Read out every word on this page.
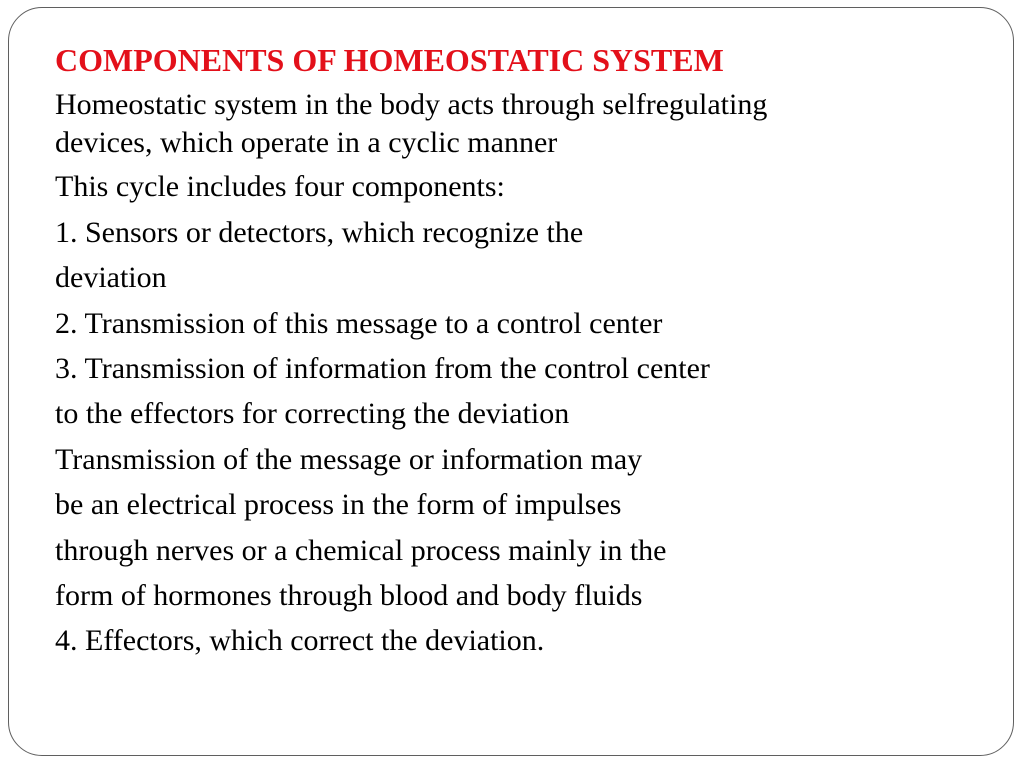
COMPONENTS OF HOMEOSTATIC SYSTEM
Homeostatic system in the body acts through selfregulating
devices, which operate in a cyclic manner
This cycle includes four components:
1. Sensors or detectors, which recognize the
deviation
2. Transmission of this message to a control center
3. Transmission of information from the control center
to the effectors for correcting the deviation
Transmission of the message or information may
be an electrical process in the form of impulses
through nerves or a chemical process mainly in the
form of hormones through blood and body fluids
4. Effectors, which correct the deviation.
